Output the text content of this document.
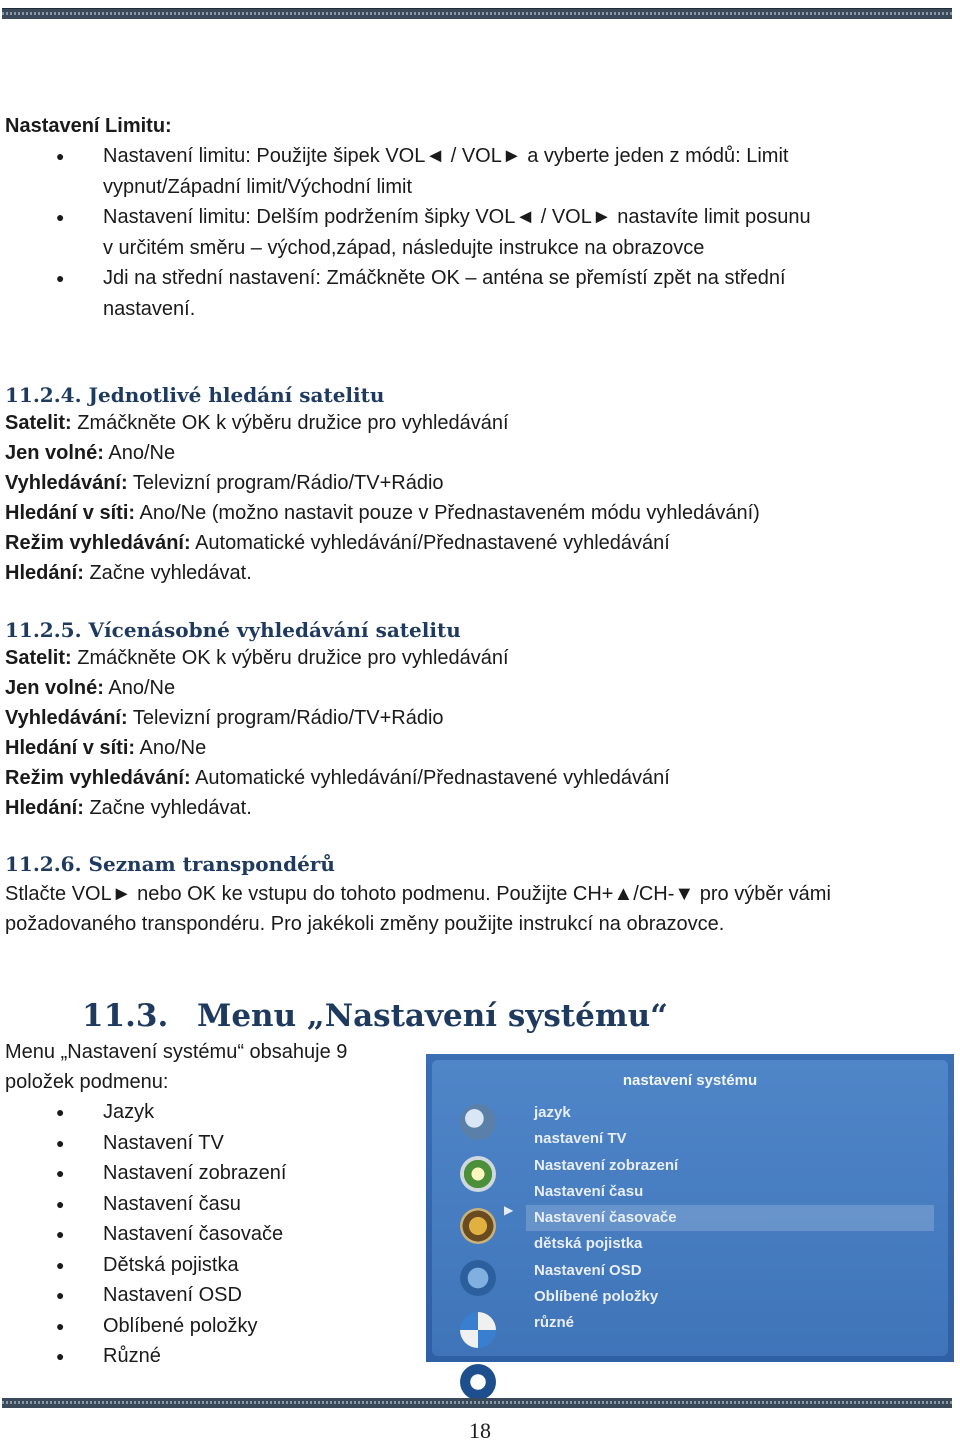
Nastavení Limitu:
● Nastavení limitu: Použijte šipek VOL◄ / VOL► a vyberte jeden z módů: Limit
vypnut/Západní limit/Východní limit
● Nastavení limitu: Delším podržením šipky VOL◄ / VOL► nastavíte limit posunu
v určitém směru – východ,západ, následujte instrukce na obrazovce
● Jdi na střední nastavení: Zmáčkněte OK – anténa se přemístí zpět na střední
nastavení.
11.2.4. Jednotlivé hledání satelitu
Satelit: Zmáčkněte OK k výběru družice pro vyhledávání
Jen volné: Ano/Ne
Vyhledávání: Televizní program/Rádio/TV+Rádio
Hledání v síti: Ano/Ne (možno nastavit pouze v Přednastaveném módu vyhledávání)
Režim vyhledávání: Automatické vyhledávání/Přednastavené vyhledávání
Hledání: Začne vyhledávat.
11.2.5. Vícenásobné vyhledávání satelitu
Satelit: Zmáčkněte OK k výběru družice pro vyhledávání
Jen volné: Ano/Ne
Vyhledávání: Televizní program/Rádio/TV+Rádio
Hledání v síti: Ano/Ne
Režim vyhledávání: Automatické vyhledávání/Přednastavené vyhledávání
Hledání: Začne vyhledávat.
11.2.6. Seznam transpondérů
Stlačte VOL► nebo OK ke vstupu do tohoto podmenu. Použijte CH+▲/CH-▼ pro výběr vámi
požadovaného transpondéru. Pro jakékoli změny použijte instrukcí na obrazovce.
11.3. Menu „Nastavení systému“
Menu „Nastavení systému“ obsahuje 9
položek podmenu:
● Jazyk
● Nastavení TV
● Nastavení zobrazení
● Nastavení času
● Nastavení časovače
● Dětská pojistka
● Nastavení OSD
● Oblíbené položky
● Různé
nastavení systému
▶
jazyk
nastavení TV
Nastavení zobrazení
Nastavení času
Nastavení časovače
dětská pojistka
Nastavení OSD
Oblíbené položky
různé
18
